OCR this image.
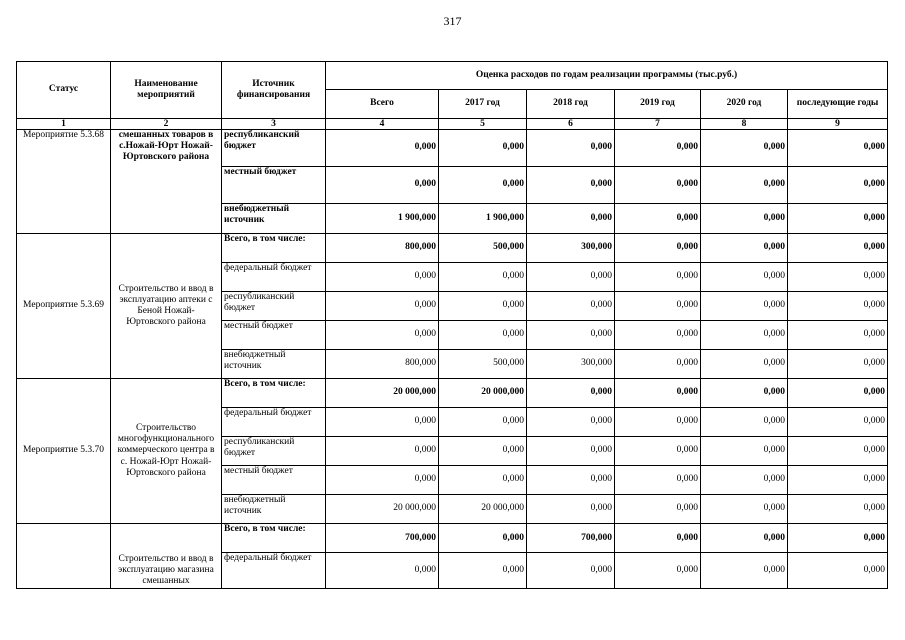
317
Статус	Наименование мероприятий	Источник финансирования	Оценка расходов по годам реализации программы (тыс.руб.)					
			Всего	2017 год	2018 год	2019 год	2020 год	последующие годы
1	2	3	4	5	6	7	8	9
Мероприятие 5.3.68	смешанных товаров в с.Ножай-Юрт Ножай-Юртовского района	республиканский бюджет	0,000	0,000	0,000	0,000	0,000	0,000
		местный бюджет	0,000	0,000	0,000	0,000	0,000	0,000
		внебюджетный источник	1 900,000	1 900,000	0,000	0,000	0,000	0,000
Мероприятие 5.3.69	Строительство и ввод в эксплуатацию аптеки с Беной Ножай-Юртовского района	Всего, в том числе:	800,000	500,000	300,000	0,000	0,000	0,000
		федеральный бюджет	0,000	0,000	0,000	0,000	0,000	0,000
		республиканский бюджет	0,000	0,000	0,000	0,000	0,000	0,000
		местный бюджет	0,000	0,000	0,000	0,000	0,000	0,000
		внебюджетный источник	800,000	500,000	300,000	0,000	0,000	0,000
Мероприятие 5.3.70	Строительство многофункционального коммерческого центра в с. Ножай-Юрт Ножай-Юртовского района	Всего, в том числе:	20 000,000	20 000,000	0,000	0,000	0,000	0,000
		федеральный бюджет	0,000	0,000	0,000	0,000	0,000	0,000
		республиканский бюджет	0,000	0,000	0,000	0,000	0,000	0,000
		местный бюджет	0,000	0,000	0,000	0,000	0,000	0,000
		внебюджетный источник	20 000,000	20 000,000	0,000	0,000	0,000	0,000
	Строительство и ввод в эксплуатацию магазина смешанных	Всего, в том числе:	700,000	0,000	700,000	0,000	0,000	0,000
		федеральный бюджет	0,000	0,000	0,000	0,000	0,000	0,000
